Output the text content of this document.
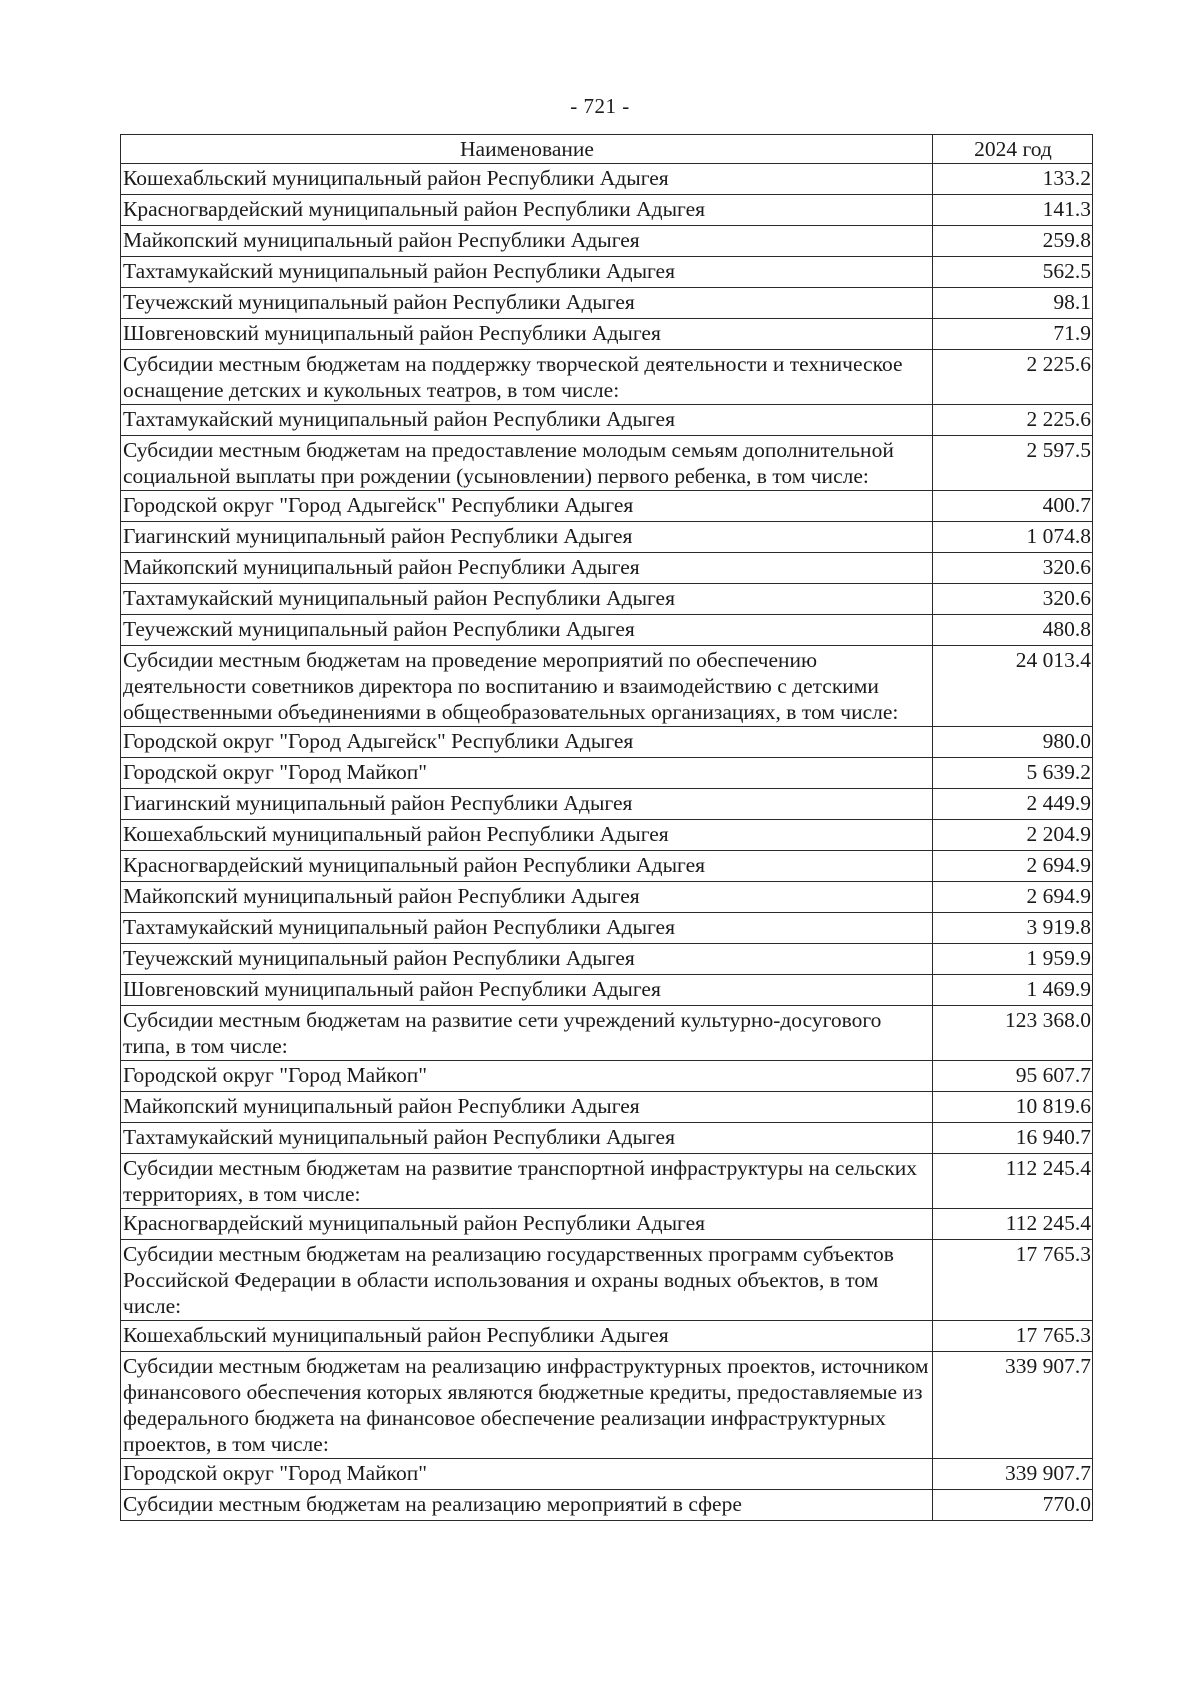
- 721 -
Наименование	2024 год
Кошехабльский муниципальный район Республики Адыгея	133.2
Красногвардейский муниципальный район Республики Адыгея	141.3
Майкопский муниципальный район Республики Адыгея	259.8
Тахтамукайский муниципальный район Республики Адыгея	562.5
Теучежский муниципальный район Республики Адыгея	98.1
Шовгеновский муниципальный район Республики Адыгея	71.9
Субсидии местным бюджетам на поддержку творческой деятельности и техническое оснащение детских и кукольных театров, в том числе:	2 225.6
Тахтамукайский муниципальный район Республики Адыгея	2 225.6
Субсидии местным бюджетам на предоставление молодым семьям дополнительной социальной выплаты при рождении (усыновлении) первого ребенка, в том числе:	2 597.5
Городской округ "Город Адыгейск" Республики Адыгея	400.7
Гиагинский муниципальный район Республики Адыгея	1 074.8
Майкопский муниципальный район Республики Адыгея	320.6
Тахтамукайский муниципальный район Республики Адыгея	320.6
Теучежский муниципальный район Республики Адыгея	480.8
Субсидии местным бюджетам на проведение мероприятий по обеспечению деятельности советников директора по воспитанию и взаимодействию с детскими общественными объединениями в общеобразовательных организациях, в том числе:	24 013.4
Городской округ "Город Адыгейск" Республики Адыгея	980.0
Городской округ "Город Майкоп"	5 639.2
Гиагинский муниципальный район Республики Адыгея	2 449.9
Кошехабльский муниципальный район Республики Адыгея	2 204.9
Красногвардейский муниципальный район Республики Адыгея	2 694.9
Майкопский муниципальный район Республики Адыгея	2 694.9
Тахтамукайский муниципальный район Республики Адыгея	3 919.8
Теучежский муниципальный район Республики Адыгея	1 959.9
Шовгеновский муниципальный район Республики Адыгея	1 469.9
Субсидии местным бюджетам на развитие сети учреждений культурно-досугового типа, в том числе:	123 368.0
Городской округ "Город Майкоп"	95 607.7
Майкопский муниципальный район Республики Адыгея	10 819.6
Тахтамукайский муниципальный район Республики Адыгея	16 940.7
Субсидии местным бюджетам на развитие транспортной инфраструктуры на сельских территориях, в том числе:	112 245.4
Красногвардейский муниципальный район Республики Адыгея	112 245.4
Субсидии местным бюджетам на реализацию государственных программ субъектов Российской Федерации в области использования и охраны водных объектов, в том числе:	17 765.3
Кошехабльский муниципальный район Республики Адыгея	17 765.3
Субсидии местным бюджетам на реализацию инфраструктурных проектов, источником финансового обеспечения которых являются бюджетные кредиты, предоставляемые из федерального бюджета на финансовое обеспечение реализации инфраструктурных проектов, в том числе:	339 907.7
Городской округ "Город Майкоп"	339 907.7
Субсидии местным бюджетам на реализацию мероприятий в сфере	770.0
